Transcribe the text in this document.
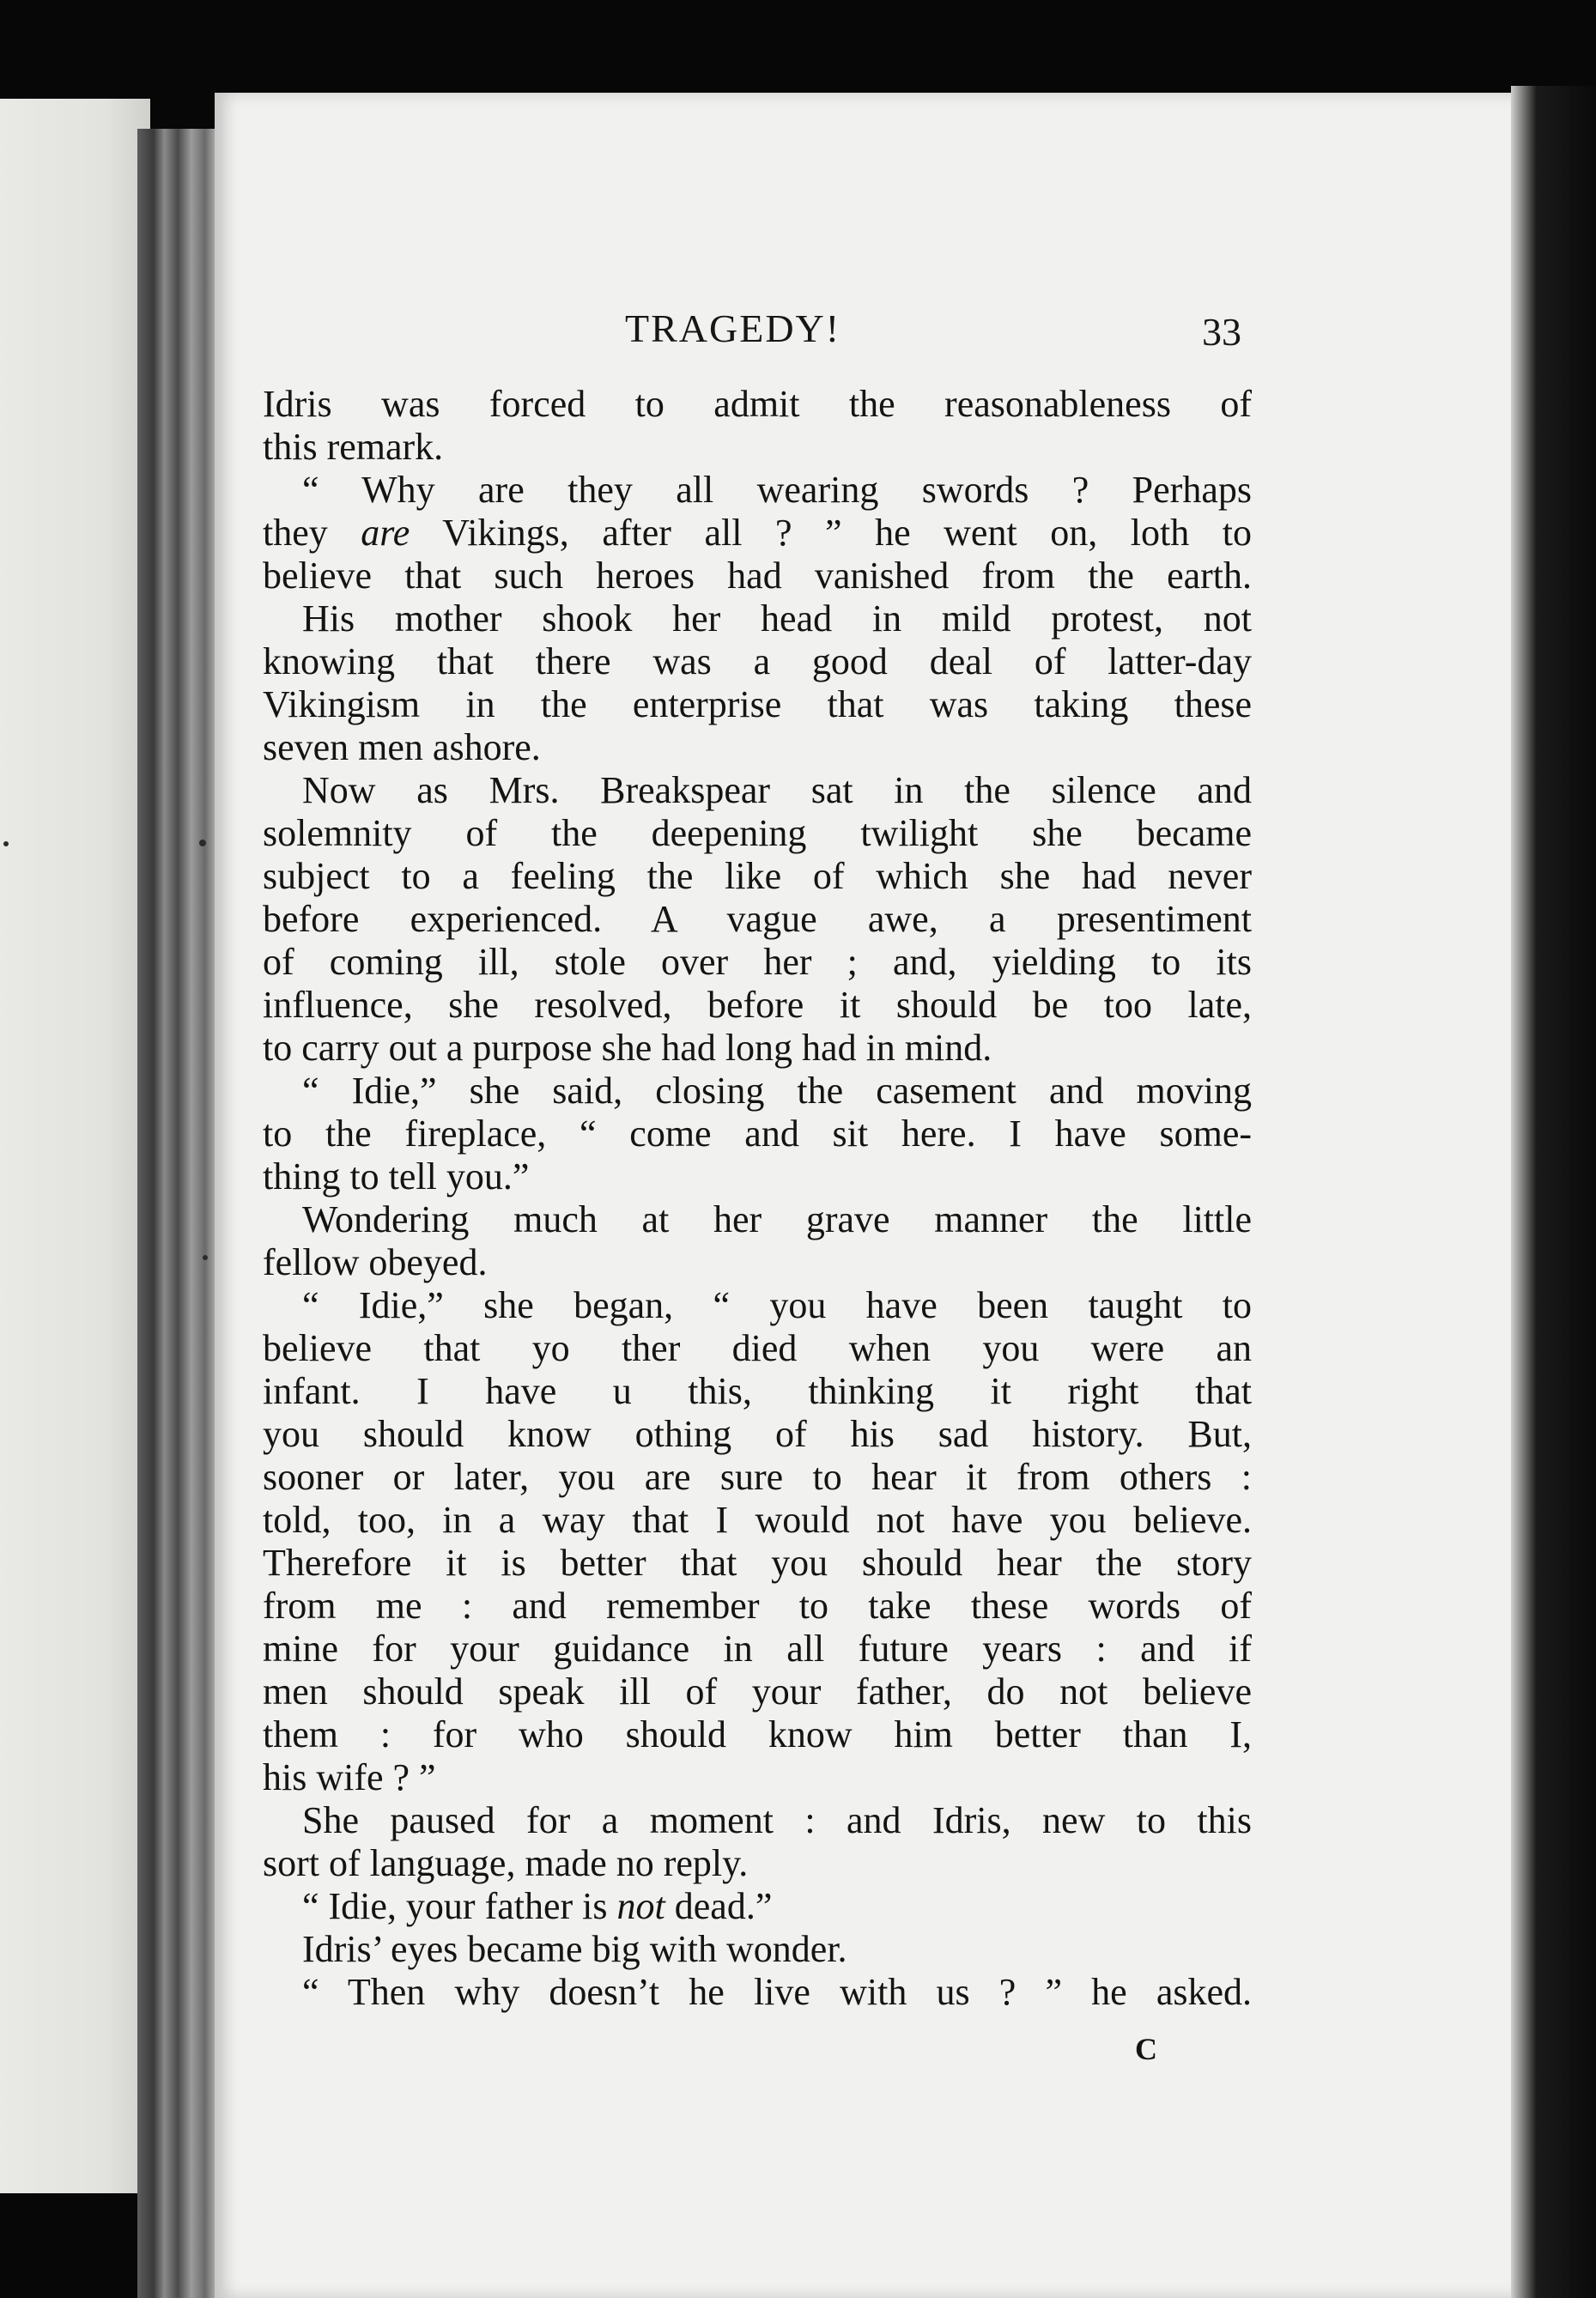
TRAGEDY!	33
Idris was forced to admit the reasonableness of
this remark.
“ Why are they all wearing swords ? Perhaps
they are Vikings, after all ? ” he went on, loth to
believe that such heroes had vanished from the earth.
His mother shook her head in mild protest, not
knowing that there was a good deal of latter-day
Vikingism in the enterprise that was taking these
seven men ashore.
Now as Mrs. Breakspear sat in the silence and
solemnity of the deepening twilight she became
subject to a feeling the like of which she had never
before experienced. A vague awe, a presentiment
of coming ill, stole over her ; and, yielding to its
influence, she resolved, before it should be too late,
to carry out a purpose she had long had in mind.
“ Idie,” she said, closing the casement and moving
to the fireplace, “ come and sit here. I have some-
thing to tell you.”
Wondering much at her grave manner the little
fellow obeyed.
“ Idie,” she began, “ you have been taught to
believe that yo ther died when you were an
infant. I have u this, thinking it right that
you should know othing of his sad history. But,
sooner or later, you are sure to hear it from others :
told, too, in a way that I would not have you believe.
Therefore it is better that you should hear the story
from me : and remember to take these words of
mine for your guidance in all future years : and if
men should speak ill of your father, do not believe
them : for who should know him better than I,
his wife ? ”
She paused for a moment : and Idris, new to this
sort of language, made no reply.
“ Idie, your father is not dead.”
Idris’ eyes became big with wonder.
“ Then why doesn’t he live with us ? ” he asked.
C
